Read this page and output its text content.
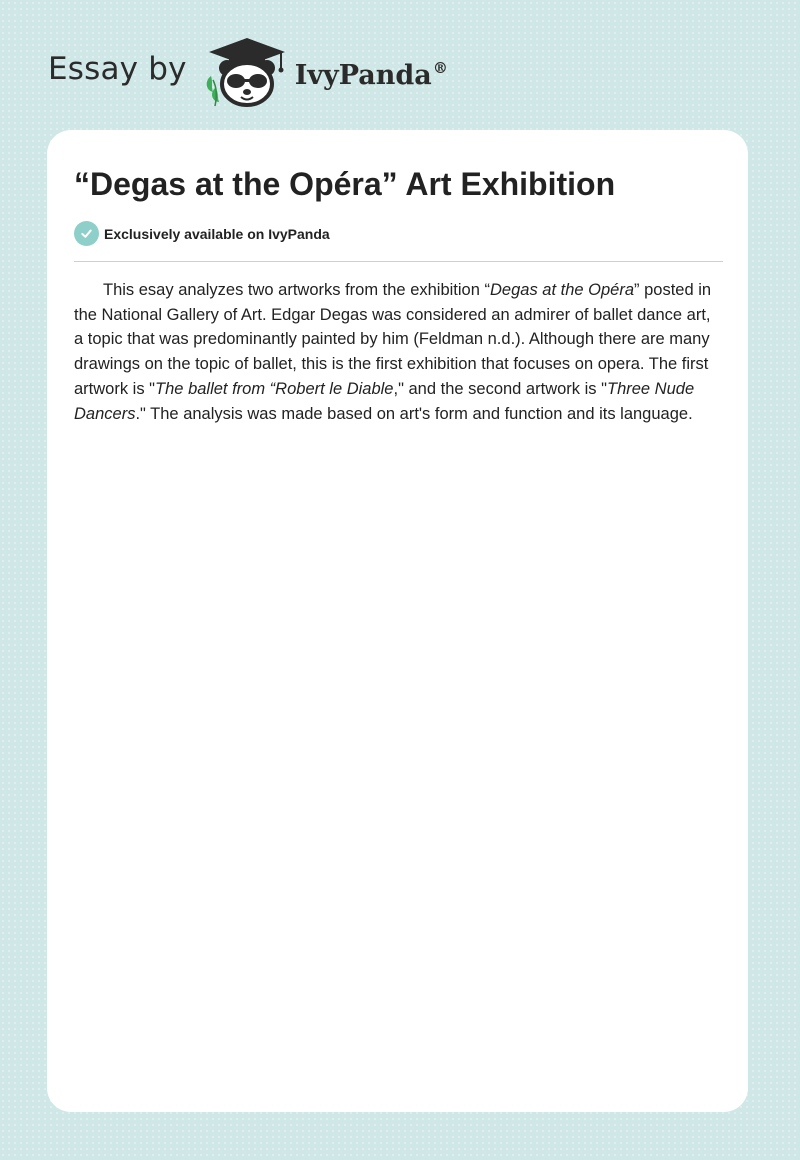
Essay by	IvyPanda®
“Degas at the Opéra” Art Exhibition
Exclusively available on IvyPanda

This esay analyzes two artworks from the exhibition “Degas at the Opéra” posted in the National Gallery of Art. Edgar Degas was considered an admirer of ballet dance art, a topic that was predominantly painted by him (Feldman n.d.). Although there are many drawings on the topic of ballet, this is the first exhibition that focuses on opera. The first artwork is "The ballet from “Robert le Diable," and the second artwork is "Three Nude Dancers." The analysis was made based on art's form and function and its language.
